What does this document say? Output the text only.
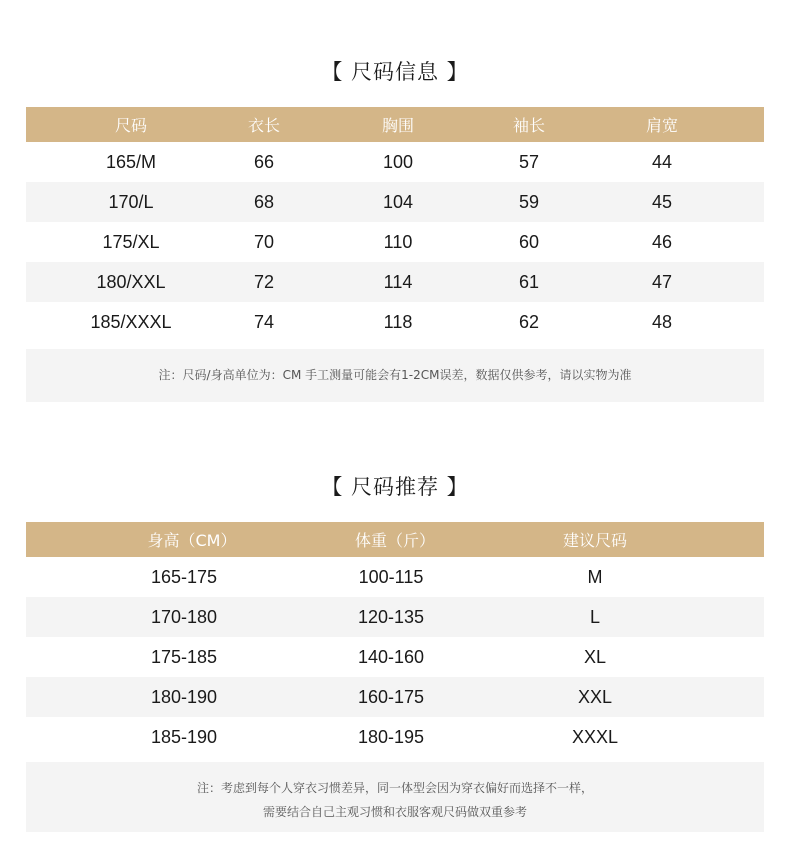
【 尺码信息 】
尺码	衣长	胸围	袖长	肩宽
165/M	66	100	57	44
170/L	68	104	59	45
175/XL	70	110	60	46
180/XXL	72	114	61	47
185/XXXL	74	118	62	48
注：尺码/身高单位为：CM 手工测量可能会有1-2CM误差，数据仅供参考，请以实物为准
【 尺码推荐 】
身高（CM）	体重（斤）	建议尺码
165-175	100-115	M
170-180	120-135	L
175-185	140-160	XL
180-190	160-175	XXL
185-190	180-195	XXXL
注：考虑到每个人穿衣习惯差异，同一体型会因为穿衣偏好而选择不一样，
需要结合自己主观习惯和衣服客观尺码做双重参考
